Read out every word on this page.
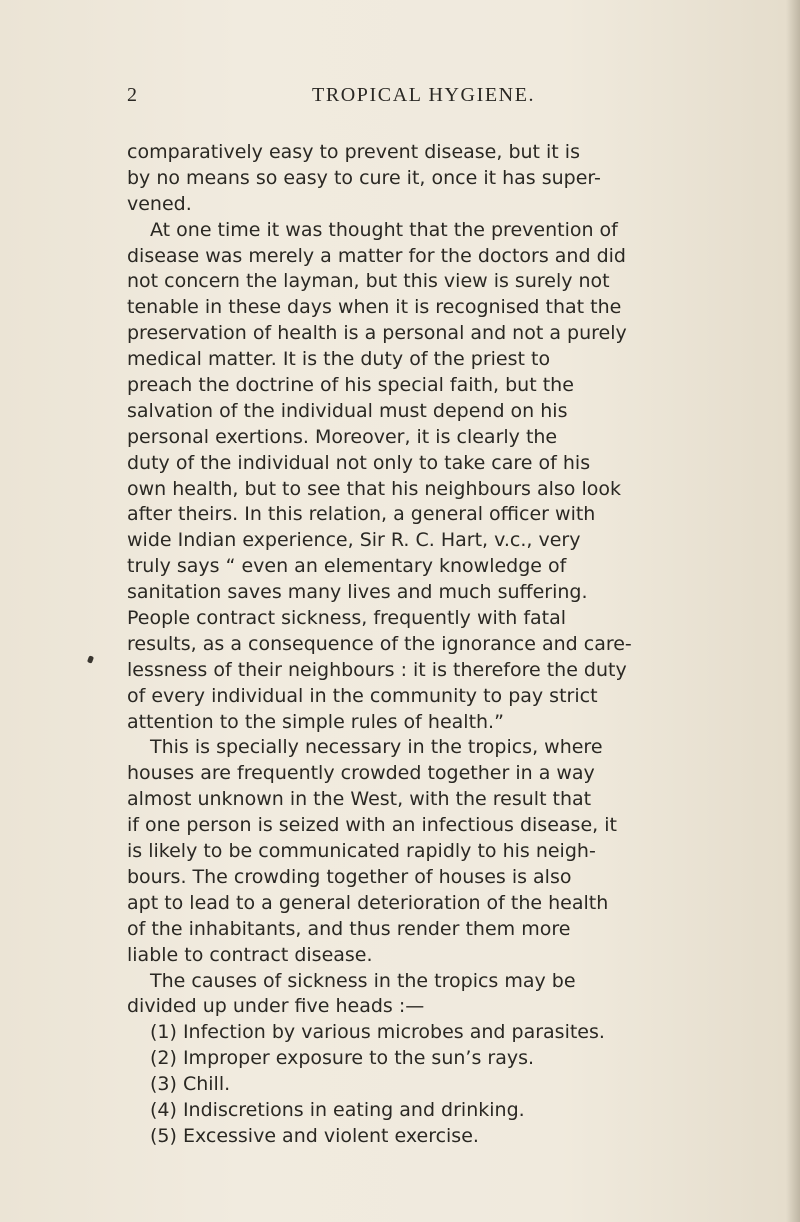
2	TROPICAL HYGIENE.
comparatively easy to prevent disease, but it is
by no means so easy to cure it, once it has super-
vened.
At one time it was thought that the prevention of
disease was merely a matter for the doctors and did
not concern the layman, but this view is surely not
tenable in these days when it is recognised that the
preservation of health is a personal and not a purely
medical matter. It is the duty of the priest to
preach the doctrine of his special faith, but the
salvation of the individual must depend on his
personal exertions. Moreover, it is clearly the
duty of the individual not only to take care of his
own health, but to see that his neighbours also look
after theirs. In this relation, a general officer with
wide Indian experience, Sir R. C. Hart, v.c., very
truly says “ even an elementary knowledge of
sanitation saves many lives and much suffering.
People contract sickness, frequently with fatal
results, as a consequence of the ignorance and care-
lessness of their neighbours : it is therefore the duty
of every individual in the community to pay strict
attention to the simple rules of health.”
This is specially necessary in the tropics, where
houses are frequently crowded together in a way
almost unknown in the West, with the result that
if one person is seized with an infectious disease, it
is likely to be communicated rapidly to his neigh-
bours. The crowding together of houses is also
apt to lead to a general deterioration of the health
of the inhabitants, and thus render them more
liable to contract disease.
The causes of sickness in the tropics may be
divided up under five heads :—
(1) Infection by various microbes and parasites.
(2) Improper exposure to the sun’s rays.
(3) Chill.
(4) Indiscretions in eating and drinking.
(5) Excessive and violent exercise.
